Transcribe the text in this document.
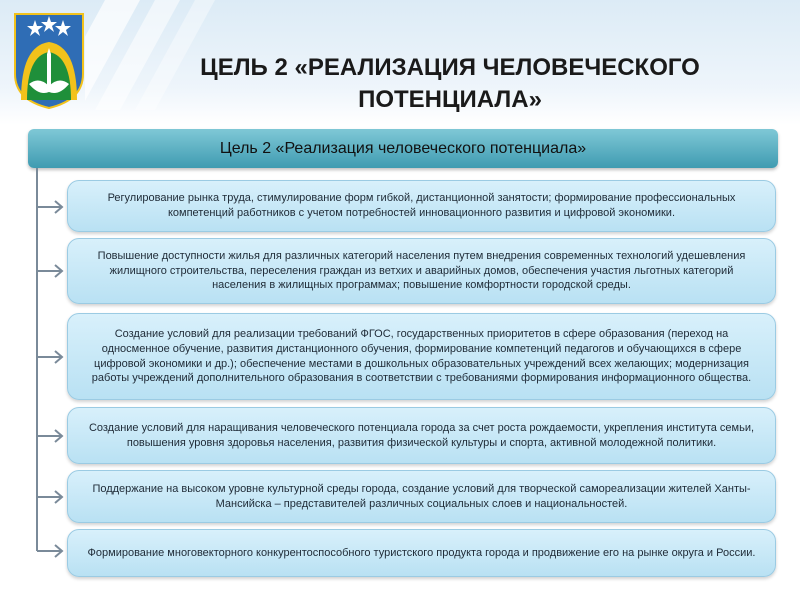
ЦЕЛЬ 2 «РЕАЛИЗАЦИЯ ЧЕЛОВЕЧЕСКОГО ПОТЕНЦИАЛА»
Цель 2 «Реализация человеческого потенциала»
Регулирование рынка труда, стимулирование форм гибкой, дистанционной занятости; формирование профессиональных компетенций работников с учетом потребностей инновационного развития и цифровой экономики.
Повышение доступности жилья для различных категорий населения путем внедрения современных технологий удешевления жилищного строительства, переселения граждан из ветхих и аварийных домов, обеспечения участия льготных категорий населения в жилищных программах; повышение комфортности городской среды.
Создание условий для реализации требований ФГОС, государственных приоритетов в сфере образования (переход на односменное обучение, развития дистанционного обучения, формирование компетенций педагогов и обучающихся в сфере цифровой экономики и др.); обеспечение местами в дошкольных образовательных учреждений всех желающих; модернизация работы учреждений дополнительного образования в соответствии с требованиями формирования информационного общества.
Создание условий для наращивания человеческого потенциала города за счет роста рождаемости, укрепления института семьи, повышения уровня здоровья населения, развития физической культуры и спорта, активной молодежной политики.
Поддержание на высоком уровне культурной среды города, создание условий для творческой самореализации жителей Ханты-Мансийска – представителей различных социальных слоев и национальностей.
Формирование многовекторного конкурентоспособного туристского продукта города и продвижение его на рынке округа и России.
